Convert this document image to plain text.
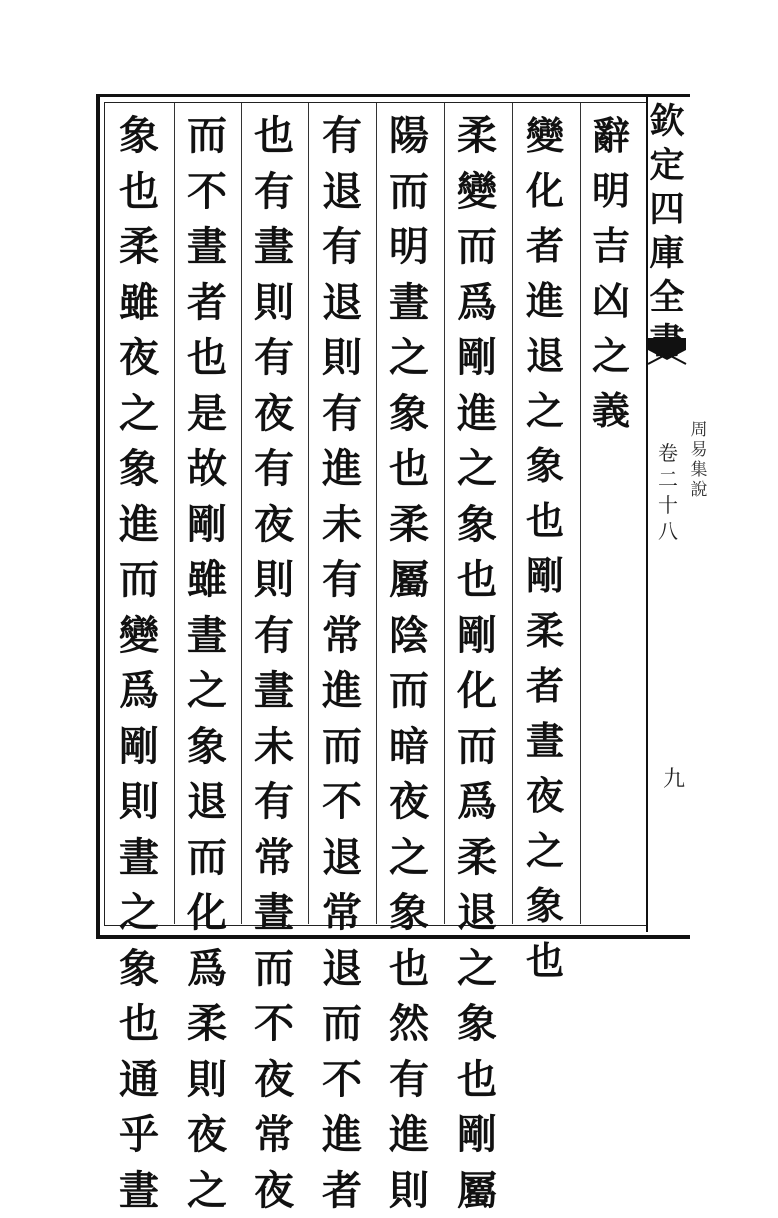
欽
定
四
庫
全
周
易
集
說
卷
二
十
八
九
辭
明
吉
凶
之
義
變
化
者
進
退
之
象
也
剛
柔
者
晝
夜
之
象
也
柔
變
而
爲
剛
進
之
象
也
剛
化
而
爲
柔
退
之
象
也
剛
屬
陽
而
明
晝
之
象
也
柔
屬
陰
而
暗
夜
之
象
也
然
有
進
則
有
退
有
退
則
有
進
未
有
常
進
而
不
退
常
退
而
不
進
者
也
有
晝
則
有
夜
有
夜
則
有
晝
未
有
常
晝
而
不
夜
常
夜
而
不
晝
者
也
是
故
剛
雖
晝
之
象
退
而
化
爲
柔
則
夜
之
象
也
柔
雖
夜
之
象
進
而
變
爲
剛
則
晝
之
象
也
通
乎
晝
